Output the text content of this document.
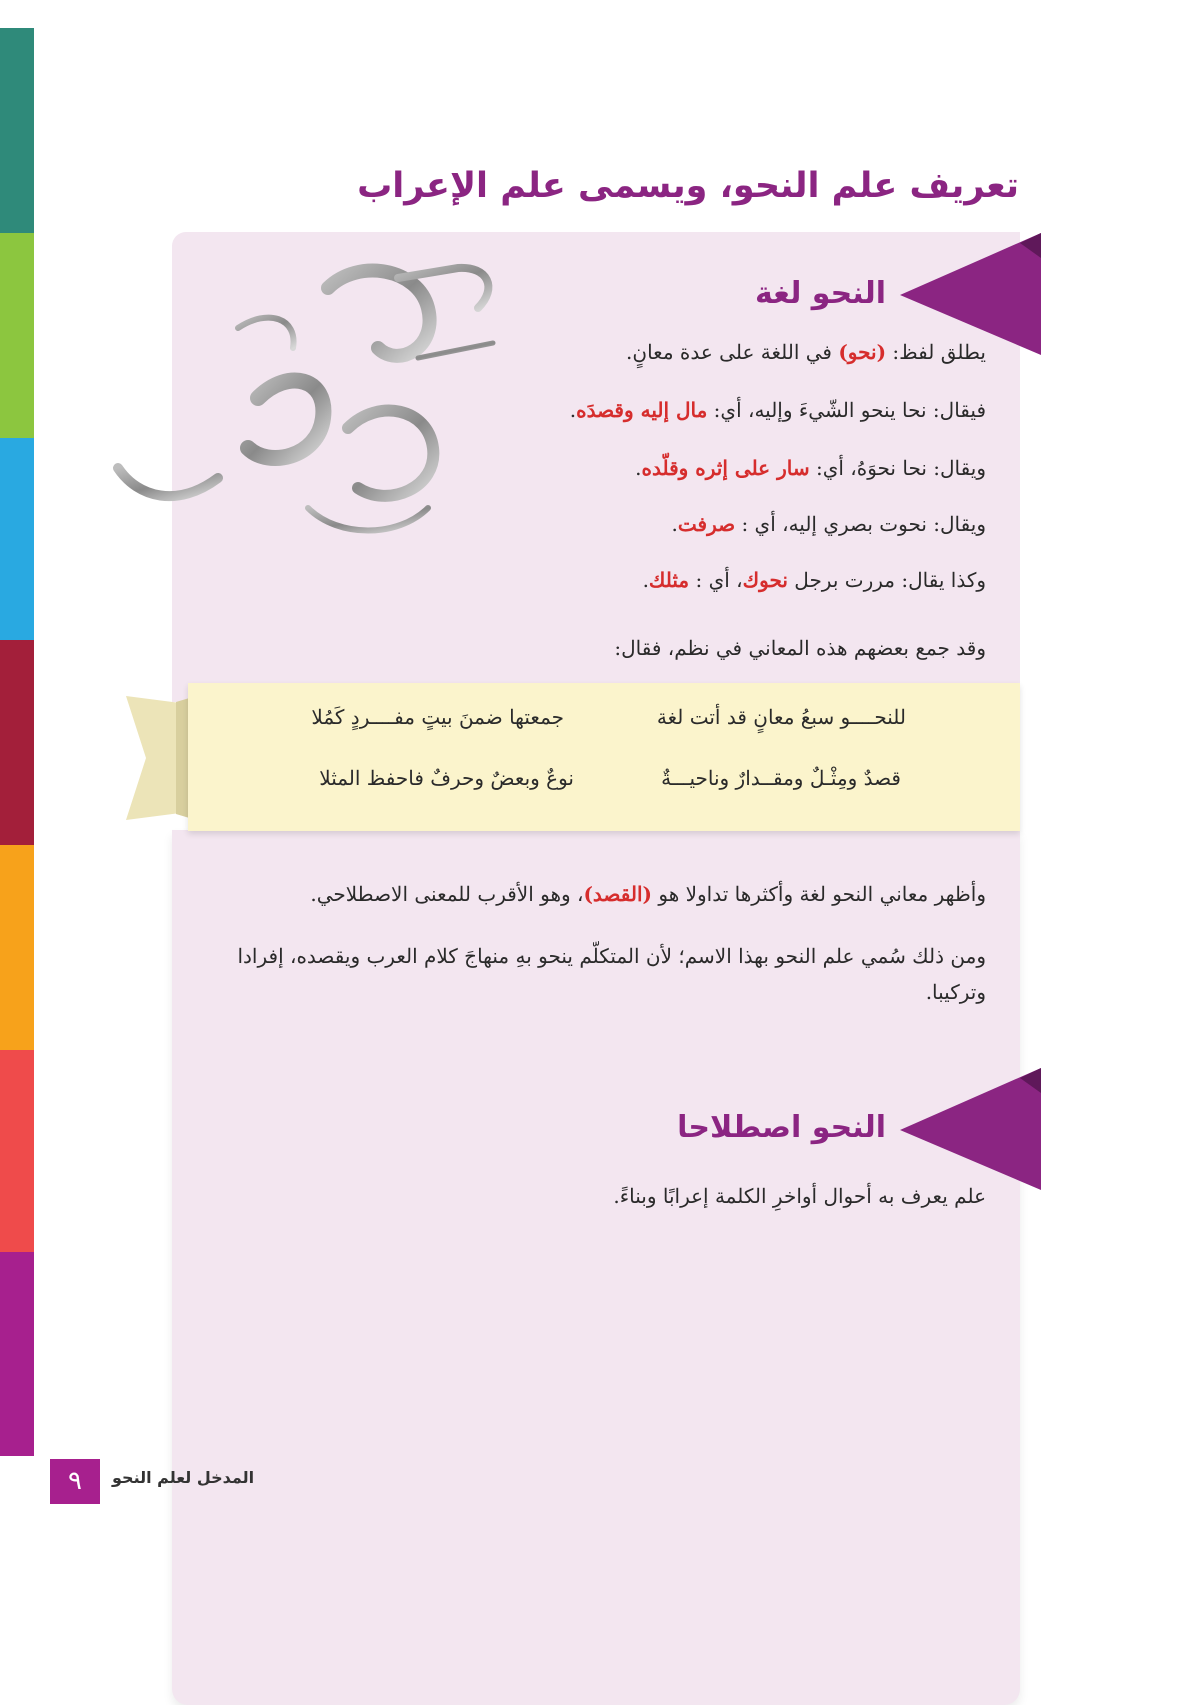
تعريف علم النحو، ويسمى علم الإعراب
النحو لغة

يطلق لفظ: (نحو) في اللغة على عدة معانٍ.

فيقال: نحا ينحو الشّيءَ وإليه، أي: مال إليه وقصدَه.

ويقال: نحا نحوَهُ، أي: سار على إثره وقلّده.

ويقال: نحوت بصري إليه، أي : صرفت.

وكذا يقال: مررت برجل نحوك، أي : مثلك.

وقد جمع بعضهم هذه المعاني في نظم، فقال:

للنحــــو سبعُ معانٍ قد أتت لغة
جمعتها ضمنَ بيتٍ مفــــردٍ كَمُلا
قصدٌ ومِثْـلٌ ومقــدارٌ وناحيـــةٌ
نوعٌ وبعضٌ وحرفٌ فاحفظ المثلا

وأظهر معاني النحو لغة وأكثرها تداولا هو (القصد)، وهو الأقرب للمعنى الاصطلاحي.

ومن ذلك سُمي علم النحو بهذا الاسم؛ لأن المتكلّم ينحو بهِ منهاجَ كلام العرب ويقصده، إفرادا وتركيبا.

النحو اصطلاحا

علم يعرف به أحوال أواخرِ الكلمة إعرابًا وبناءً.

٩	المدخل لعلم النحو
